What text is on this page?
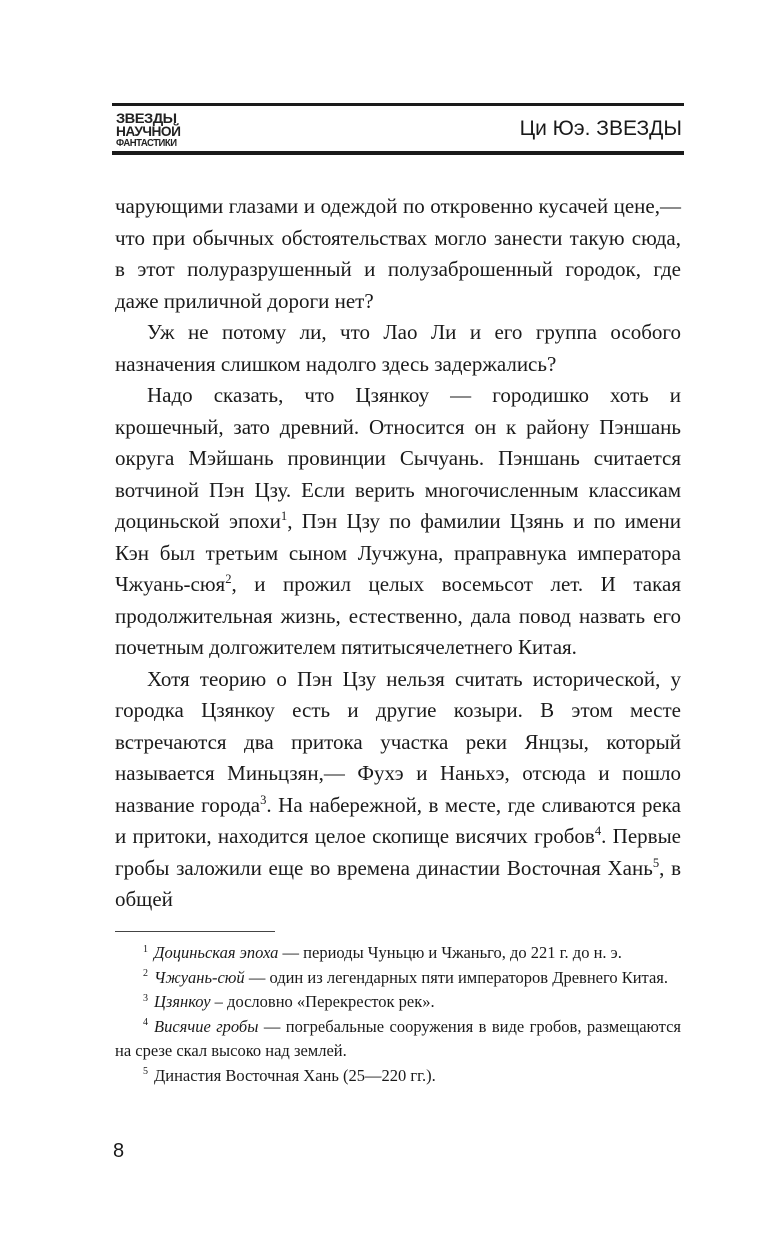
ЗВЕЗДЫ
НАУЧНОЙ
ФАНТАСТИКИ
Ци Юэ. ЗВЕЗДЫ

чарующими глазами и одеждой по откровенно кусачей цене,— что при обычных обстоятельствах могло занести такую сюда, в этот полуразрушенный и полузаброшенный городок, где даже приличной дороги нет?

Уж не потому ли, что Лао Ли и его группа особого назначения слишком надолго здесь задержались?

Надо сказать, что Цзянкоу — городишко хоть и крошечный, зато древний. Относится он к району Пэншань округа Мэйшань провинции Сычуань. Пэншань считается вотчиной Пэн Цзу. Если верить многочисленным классикам доциньской эпохи$^1$, Пэн Цзу по фамилии Цзянь и по имени Кэн был третьим сыном Лучжуна, праправнука императора Чжуань-сюя$^2$, и прожил целых восемьсот лет. И такая продолжительная жизнь, естественно, дала повод назвать его почетным долгожителем пятитысячелетнего Китая.

Хотя теорию о Пэн Цзу нельзя считать исторической, у городка Цзянкоу есть и другие козыри. В этом месте встречаются два притока участка реки Янцзы, который называется Миньцзян,— Фухэ и Наньхэ, отсюда и пошло название города$^3$. На набережной, в месте, где сливаются река и притоки, находится целое скопище висячих гробов$^4$. Первые гробы заложили еще во времена династии Восточная Хань$^5$, в общей

$^1$ Доциньская эпоха — периоды Чуньцю и Чжаньго, до 221 г. до н. э.

$^2$ Чжуань-сюй — один из легендарных пяти императоров Древнего Китая.

$^3$ Цзянкоу – дословно «Перекресток рек».

$^4$ Висячие гробы — погребальные сооружения в виде гробов, размещаются на срезе скал высоко над землей.

$^5$ Династия Восточная Хань (25—220 гг.).

8
